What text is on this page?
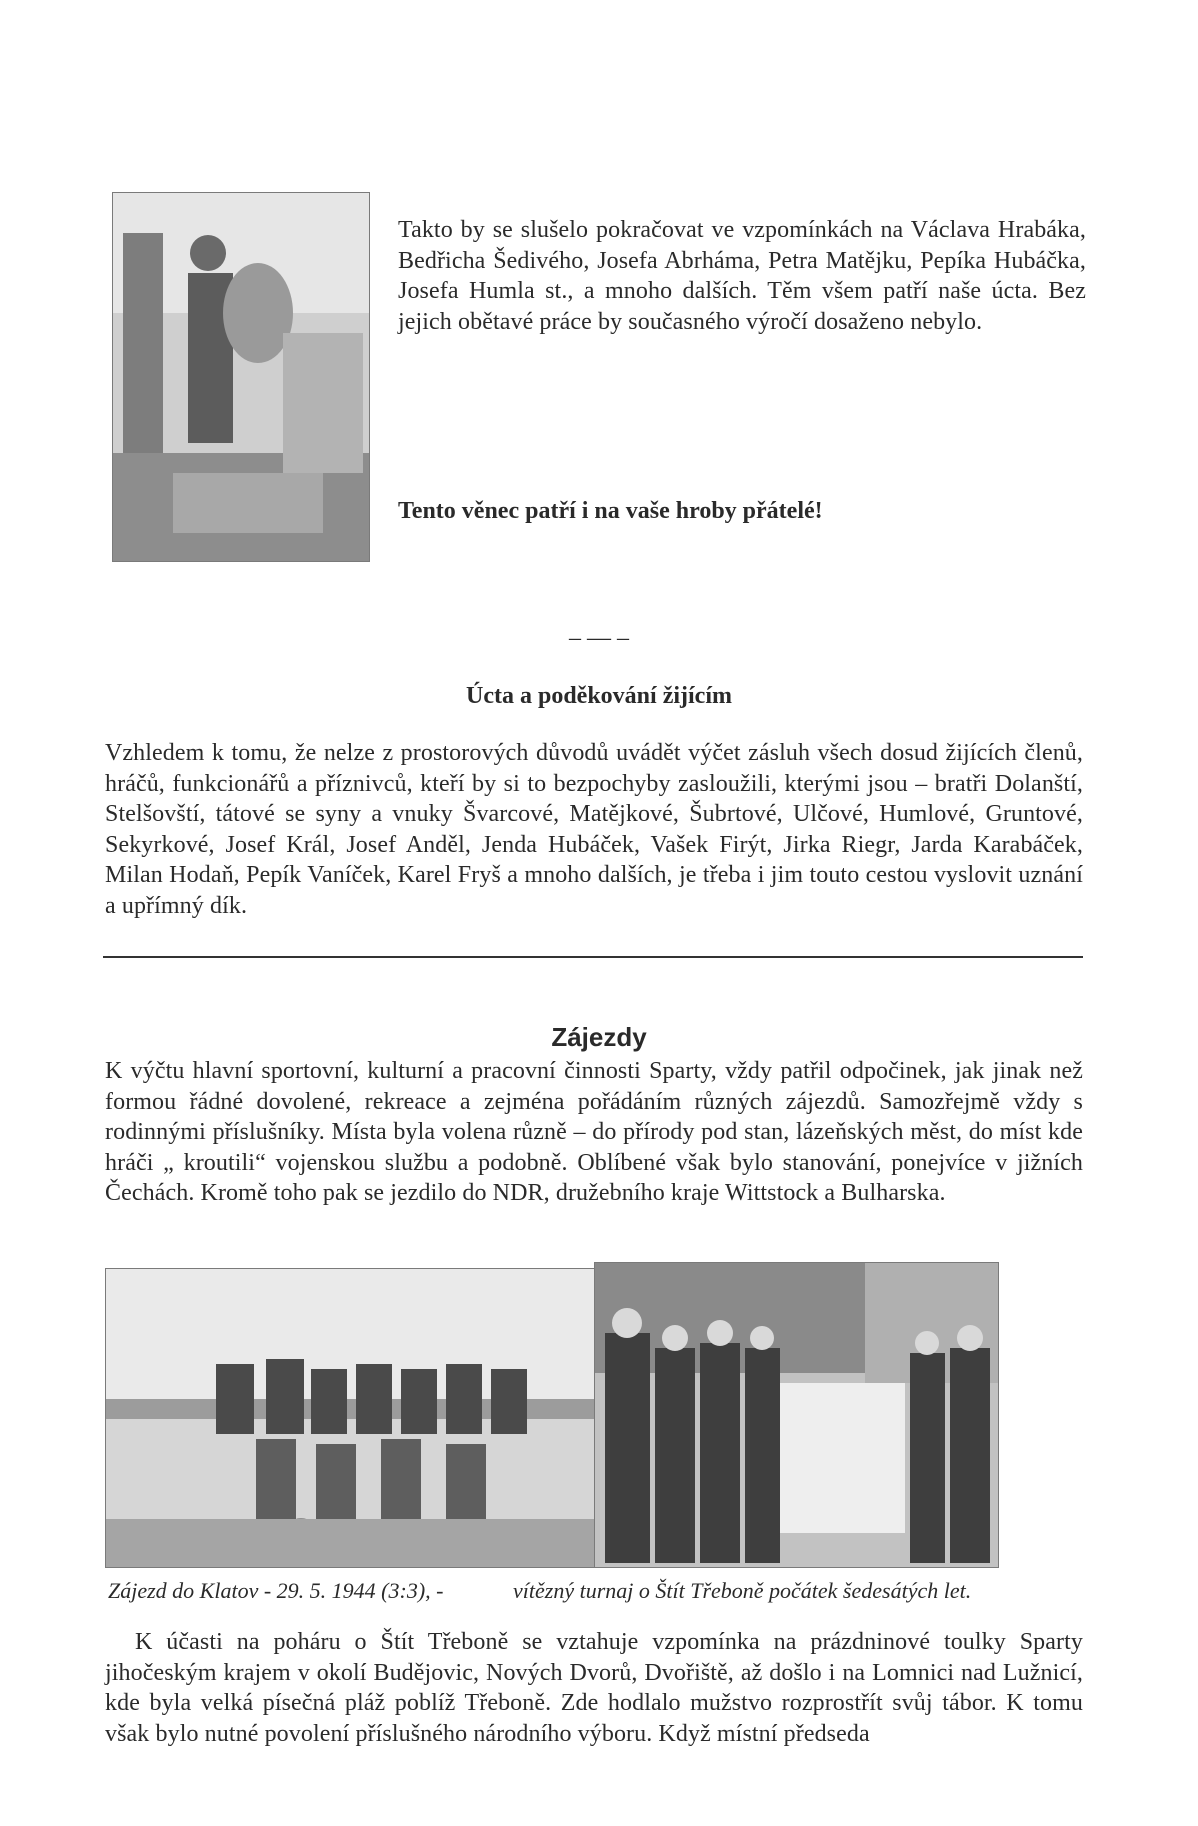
Takto by se slušelo pokračovat ve vzpomínkách na Václava Hrabáka, Bedřicha Šedivého, Josefa Abrháma, Petra Matějku, Pepíka Hubáčka, Josefa Humla st., a mnoho dalších. Těm všem patří naše úcta. Bez jejich obětavé práce by současného výročí dosaženo nebylo.
Tento věnec patří i na vaše hroby přátelé!
– — –
Úcta a poděkování žijícím
Vzhledem k tomu, že nelze z prostorových důvodů uvádět výčet zásluh všech dosud žijících členů, hráčů, funkcionářů a příznivců, kteří by si to bezpochyby zasloužili, kterými jsou – bratři Dolanští, Stelšovští, tátové se syny a vnuky Švarcové, Matějkové, Šubrtové, Ulčové, Humlové, Gruntové, Sekyrkové, Josef Král, Josef Anděl, Jenda Hubáček, Vašek Firýt, Jirka Riegr, Jarda Karabáček, Milan Hodaň, Pepík Vaníček, Karel Fryš a mnoho dalších, je třeba i jim touto cestou vyslovit uznání a upřímný dík.
Zájezdy
K výčtu hlavní sportovní, kulturní a pracovní činnosti Sparty, vždy patřil odpočinek, jak jinak než formou řádné dovolené, rekreace a zejména pořádáním různých zájezdů. Samozřejmě vždy s rodinnými příslušníky. Místa byla volena různě – do přírody pod stan, lázeňských měst, do míst kde hráči „ kroutili“ vojenskou službu a podobně. Oblíbené však bylo stanování, ponejvíce v jižních Čechách. Kromě toho pak se jezdilo do NDR, družebního kraje Wittstock a Bulharska.
Zájezd do Klatov - 29. 5. 1944 (3:3), -	vítězný turnaj o Štít Třeboně počátek šedesátých let.
K účasti na poháru o Štít Třeboně se vztahuje vzpomínka na prázdninové toulky Sparty jihočeským krajem v okolí Budějovic, Nových Dvorů, Dvořiště, až došlo i na Lomnici nad Lužnicí, kde byla velká písečná pláž poblíž Třeboně. Zde hodlalo mužstvo rozprostřít svůj tábor. K tomu však bylo nutné povolení příslušného národního výboru. Když místní předseda
